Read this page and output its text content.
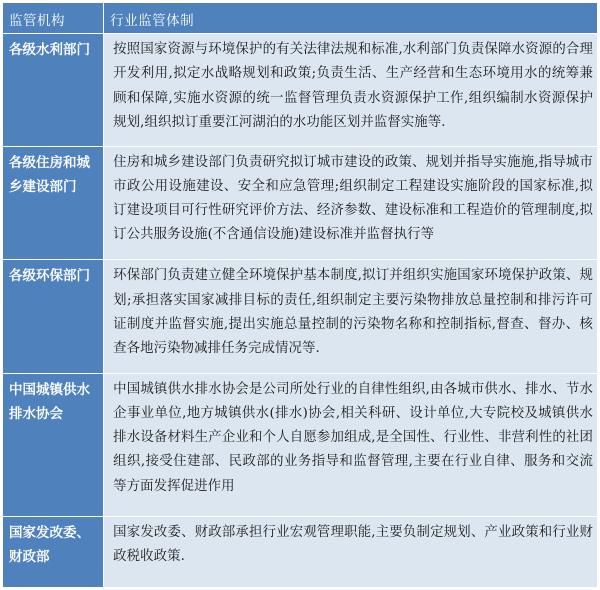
监管机构	行业监管体制
各级水利部门	按照国家资源与环境保护的有关法律法规和标准,水利部门负责保障水资源的合理开发利用,拟定水战略规划和政策;负责生活、生产经营和生态环境用水的统筹兼顾和保障,实施水资源的统一监督管理负责水资源保护工作,组织编制水资源保护规划,组织拟订重要江河湖泊的水功能区划并监督实施等.
各级住房和城乡建设部门	住房和城乡建设部门负责研究拟订城市建设的政策、规划并指导实施施,指导城市市政公用设施建设、安全和应急管理;组织制定工程建设实施阶段的国家标准,拟订建设项目可行性研究评价方法、经济参数、建设标准和工程造价的管理制度,拟订公共服务设施(不含通信设施)建设标准并监督执行等
各级环保部门	环保部门负责建立健全环境保护基本制度,拟订并组织实施国家环境保护政策、规划;承担落实国家减排目标的责任,组织制定主要污染物排放总量控制和排污许可证制度并监督实施,提出实施总量控制的污染物名称和控制指标,督查、督办、核查各地污染物减排任务完成情况等.
中国城镇供水排水协会	中国城镇供水排水协会是公司所处行业的自律性组织,由各城市供水、排水、节水企事业单位,地方城镇供水(排水)协会,相关科研、设计单位,大专院校及城镇供水排水设备材料生产企业和个人自愿参加组成,是全国性、行业性、非营利性的社团组织,接受住建部、民政部的业务指导和监督管理,主要在行业自律、服务和交流等方面发挥促进作用
国家发改委、财政部	国家发改委、财政部承担行业宏观管理职能,主要负制定规划、产业政策和行业财政税收政策.
